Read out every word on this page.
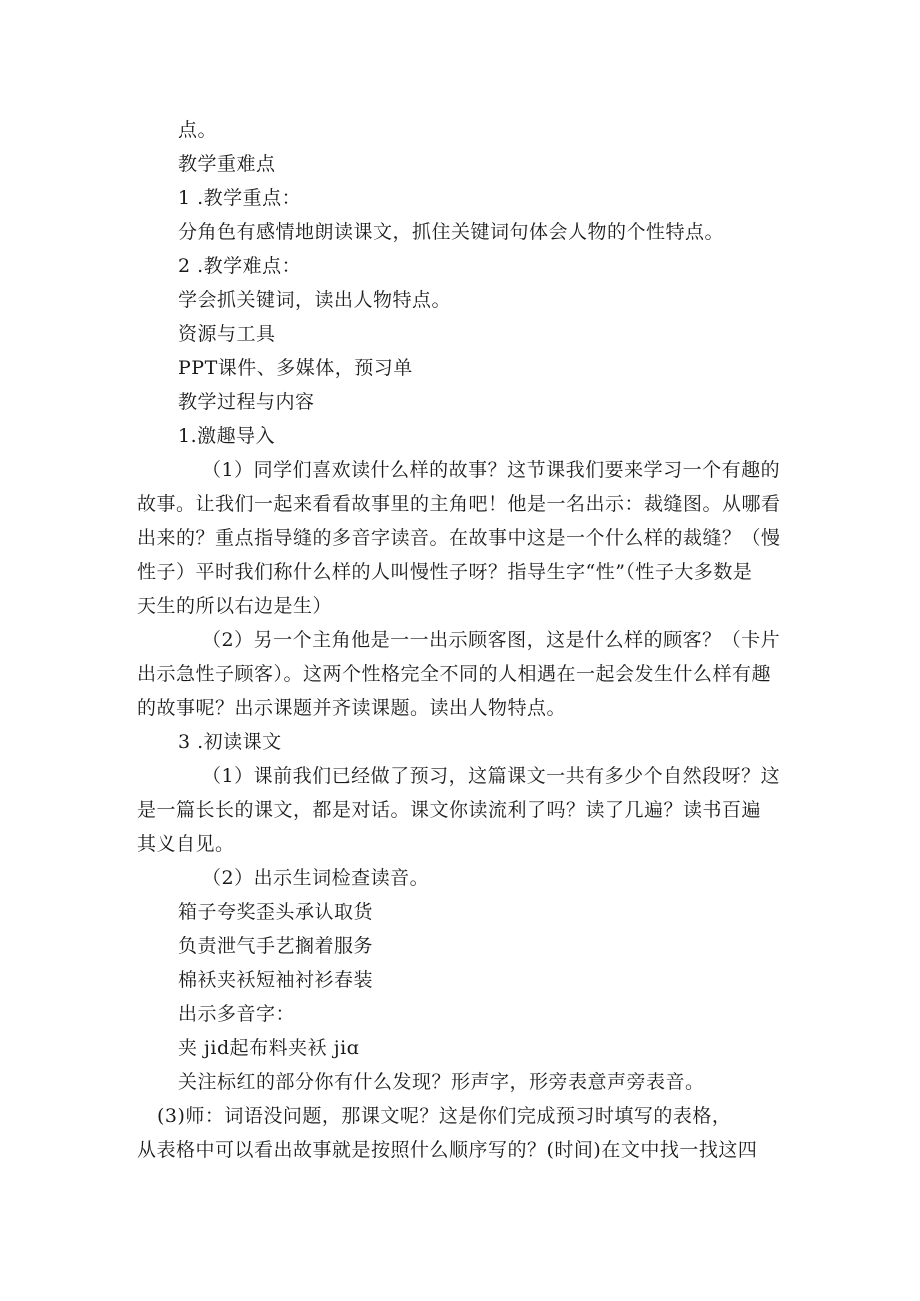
点。
教学重难点
1 .教学重点：
分角色有感情地朗读课文，抓住关键词句体会人物的个性特点。
2 .教学难点：
学会抓关键词，读出人物特点。
资源与工具
PPT课件、多媒体，预习单
教学过程与内容
1.激趣导入
（1）同学们喜欢读什么样的故事？这节课我们要来学习一个有趣的
故事。让我们一起来看看故事里的主角吧！他是一名出示：裁缝图。从哪看
出来的？重点指导缝的多音字读音。在故事中这是一个什么样的裁缝？（慢
性子）平时我们称什么样的人叫慢性子呀？指导生字“性”（性子大多数是
天生的所以右边是生）
（2）另一个主角他是一一出示顾客图，这是什么样的顾客？（卡片
出示急性子顾客）。这两个性格完全不同的人相遇在一起会发生什么样有趣
的故事呢？出示课题并齐读课题。读出人物特点。
3 .初读课文
（1）课前我们已经做了预习，这篇课文一共有多少个自然段呀？这
是一篇长长的课文，都是对话。课文你读流利了吗？读了几遍？读书百遍
其义自见。
（2）出示生词检查读音。
箱子夸奖歪头承认取货
负责泄气手艺搁着服务
棉袄夹袄短袖衬衫春装
出示多音字：
夹 jid起布料夹袄 jiɑ
关注标红的部分你有什么发现？形声字，形旁表意声旁表音。
(3)师：词语没问题，那课文呢？这是你们完成预习时填写的表格，
从表格中可以看出故事就是按照什么顺序写的？(时间)在文中找一找这四
